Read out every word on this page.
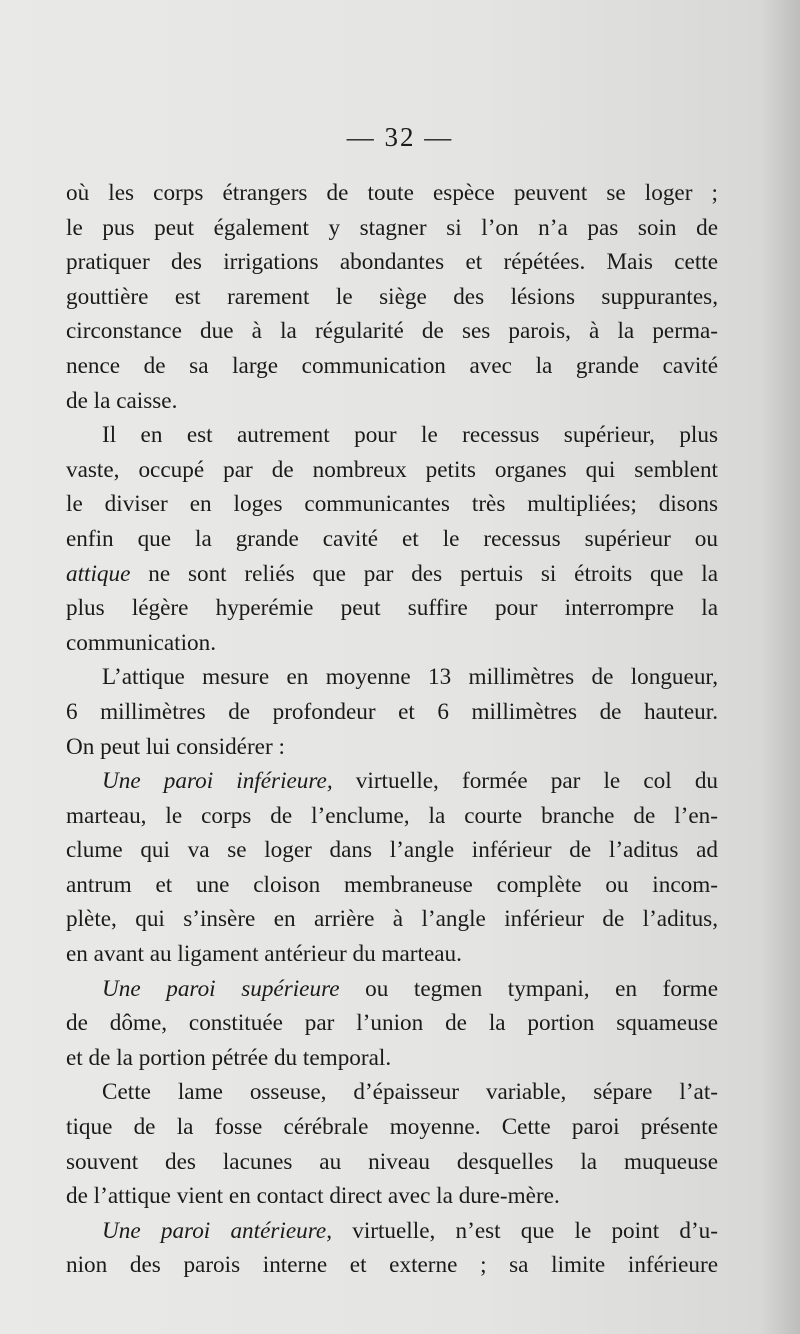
— 32 —
où les corps étrangers de toute espèce peuvent se loger ;
le pus peut également y stagner si l’on n’a pas soin de
pratiquer des irrigations abondantes et répétées. Mais cette
gouttière est rarement le siège des lésions suppurantes,
circonstance due à la régularité de ses parois, à la perma-
nence de sa large communication avec la grande cavité
de la caisse.
Il en est autrement pour le recessus supérieur, plus
vaste, occupé par de nombreux petits organes qui semblent
le diviser en loges communicantes très multipliées; disons
enfin que la grande cavité et le recessus supérieur ou
attique ne sont reliés que par des pertuis si étroits que la
plus légère hyperémie peut suffire pour interrompre la
communication.
L’attique mesure en moyenne 13 millimètres de longueur,
6 millimètres de profondeur et 6 millimètres de hauteur.
On peut lui considérer :
Une paroi inférieure, virtuelle, formée par le col du
marteau, le corps de l’enclume, la courte branche de l’en-
clume qui va se loger dans l’angle inférieur de l’aditus ad
antrum et une cloison membraneuse complète ou incom-
plète, qui s’insère en arrière à l’angle inférieur de l’aditus,
en avant au ligament antérieur du marteau.
Une paroi supérieure ou tegmen tympani, en forme
de dôme, constituée par l’union de la portion squameuse
et de la portion pétrée du temporal.
Cette lame osseuse, d’épaisseur variable, sépare l’at-
tique de la fosse cérébrale moyenne. Cette paroi présente
souvent des lacunes au niveau desquelles la muqueuse
de l’attique vient en contact direct avec la dure-mère.
Une paroi antérieure, virtuelle, n’est que le point d’u-
nion des parois interne et externe ; sa limite inférieure
